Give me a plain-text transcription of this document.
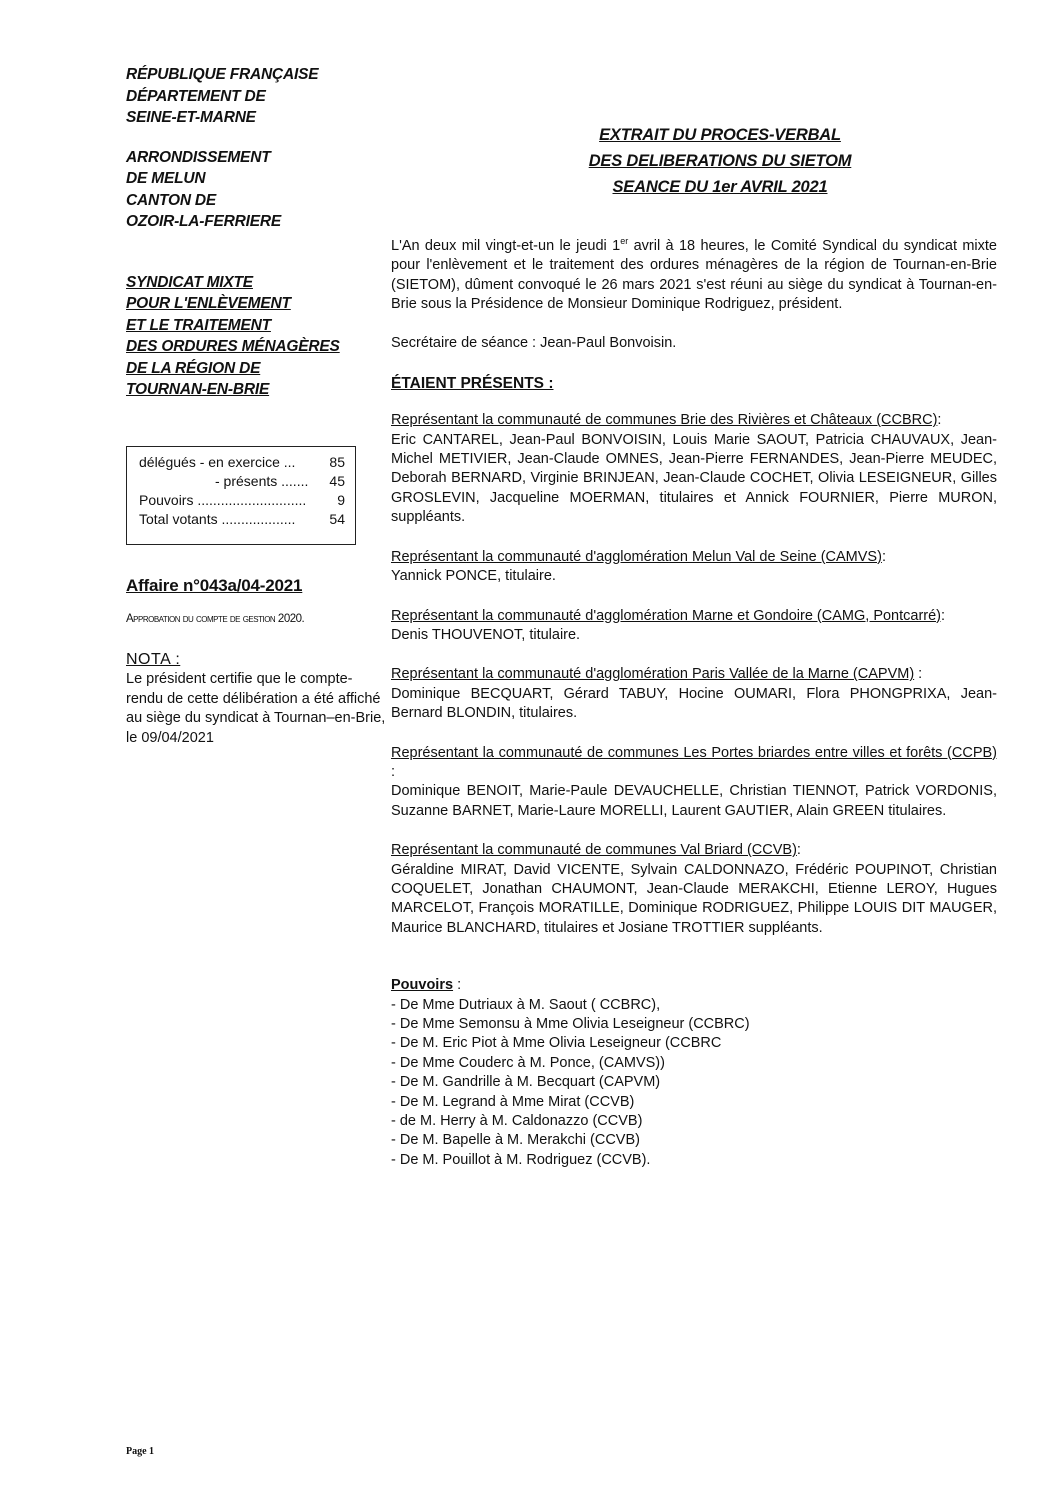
RÉPUBLIQUE FRANÇAISE
DÉPARTEMENT DE
SEINE-ET-MARNE
ARRONDISSEMENT
DE MELUN
CANTON DE
OZOIR-LA-FERRIERE
SYNDICAT MIXTE
POUR L'ENLÈVEMENT
ET LE TRAITEMENT
DES ORDURES MÉNAGÈRES
DE LA RÉGION DE
TOURNAN-EN-BRIE
délégués - en exercice ... 85
- présents ....... 45
Pouvoirs ............................ 9
Total votants ................... 54
Affaire n°043a/04-2021
Approbation du compte de gestion 2020.
NOTA :
Le président certifie que le compte-rendu de cette délibération a été affiché au siège du syndicat à Tournan–en-Brie, le 09/04/2021
EXTRAIT DU PROCES-VERBAL
DES DELIBERATIONS DU SIETOM
SEANCE DU 1er AVRIL 2021

L'An deux mil vingt-et-un le jeudi 1er avril à 18 heures, le Comité Syndical du syndicat mixte pour l'enlèvement et le traitement des ordures ménagères de la région de Tournan-en-Brie (SIETOM), dûment convoqué le 26 mars 2021 s'est réuni au siège du syndicat à Tournan-en-Brie sous la Présidence de Monsieur Dominique Rodriguez, président.

Secrétaire de séance : Jean-Paul Bonvoisin.

ÉTAIENT PRÉSENTS :

Représentant la communauté de communes Brie des Rivières et Châteaux (CCBRC):

Eric CANTAREL, Jean-Paul BONVOISIN, Louis Marie SAOUT, Patricia CHAUVAUX, Jean-Michel METIVIER, Jean-Claude OMNES, Jean-Pierre FERNANDES, Jean-Pierre MEUDEC, Deborah BERNARD, Virginie BRINJEAN, Jean-Claude COCHET, Olivia LESEIGNEUR, Gilles GROSLEVIN, Jacqueline MOERMAN, titulaires et Annick FOURNIER, Pierre MURON, suppléants.

Représentant la communauté d'agglomération Melun Val de Seine (CAMVS):

Yannick PONCE, titulaire.

Représentant la communauté d'agglomération Marne et Gondoire (CAMG, Pontcarré):

Denis THOUVENOT, titulaire.

Représentant la communauté d'agglomération Paris Vallée de la Marne (CAPVM) :

Dominique BECQUART, Gérard TABUY, Hocine OUMARI, Flora PHONGPRIXA, Jean-Bernard BLONDIN, titulaires.

Représentant la communauté de communes Les Portes briardes entre villes et forêts (CCPB) :

Dominique BENOIT, Marie-Paule DEVAUCHELLE, Christian TIENNOT, Patrick VORDONIS, Suzanne BARNET, Marie-Laure MORELLI, Laurent GAUTIER, Alain GREEN titulaires.

Représentant la communauté de communes Val Briard (CCVB):

Géraldine MIRAT, David VICENTE, Sylvain CALDONNAZO, Frédéric POUPINOT, Christian COQUELET, Jonathan CHAUMONT, Jean-Claude MERAKCHI, Etienne LEROY, Hugues MARCELOT, François MORATILLE, Dominique RODRIGUEZ, Philippe LOUIS DIT MAUGER, Maurice BLANCHARD, titulaires et Josiane TROTTIER suppléants.

Pouvoirs :

- De Mme Dutriaux à M. Saout ( CCBRC),
- De Mme Semonsu à Mme Olivia Leseigneur (CCBRC)
- De M. Eric Piot à Mme Olivia Leseigneur (CCBRC
- De Mme Couderc à M. Ponce, (CAMVS))
- De M. Gandrille à M. Becquart (CAPVM)
- De M. Legrand à Mme Mirat (CCVB)
- de M. Herry à M. Caldonazzo (CCVB)
- De M. Bapelle à M. Merakchi (CCVB)
- De M. Pouillot à M. Rodriguez (CCVB).
Page 1
